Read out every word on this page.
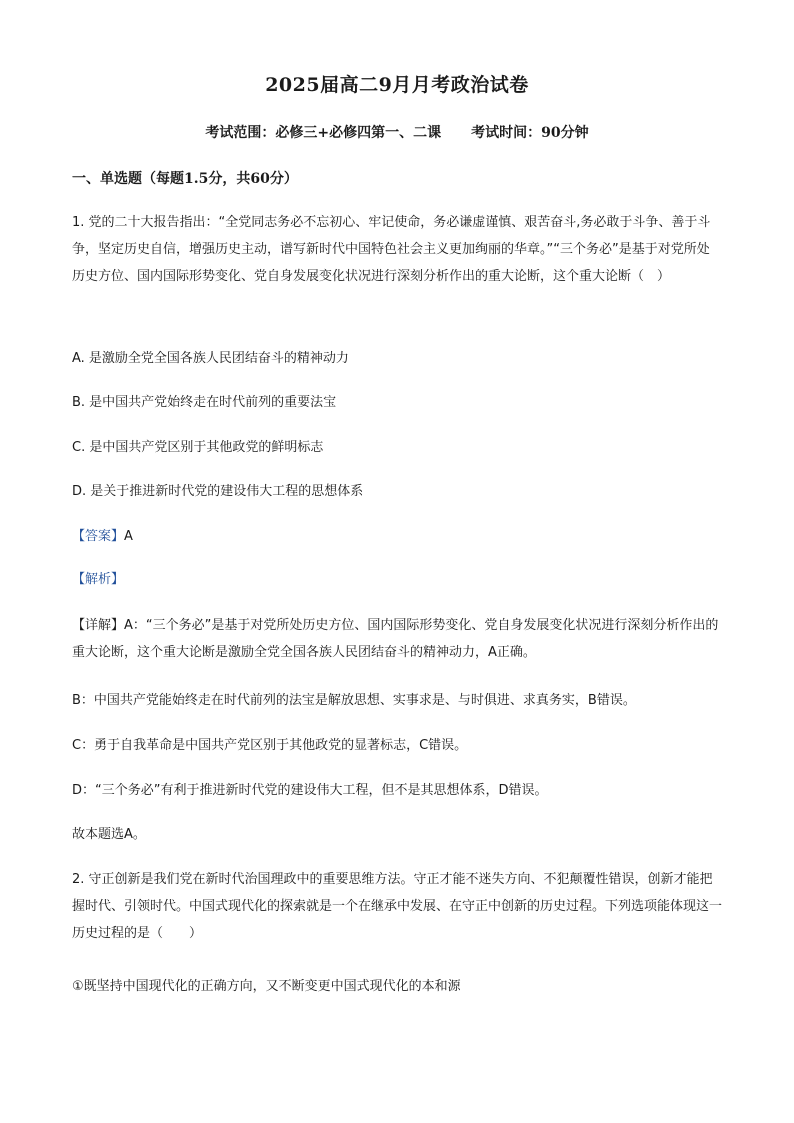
2025届高二9月月考政治试卷
考试范围：必修三+必修四第一、二课 考试时间：90分钟
一、单选题（每题1.5分，共60分）

1. 党的二十大报告指出：“全党同志务必不忘初心、牢记使命，务必谦虚谨慎、艰苦奋斗,务必敢于斗争、善于斗争，坚定历史自信，增强历史主动，谱写新时代中国特色社会主义更加绚丽的华章。”“三个务必”是基于对党所处历史方位、国内国际形势变化、党自身发展变化状况进行深刻分析作出的重大论断，这个重大论断（　）

A. 是激励全党全国各族人民团结奋斗的精神动力

B. 是中国共产党始终走在时代前列的重要法宝

C. 是中国共产党区别于其他政党的鲜明标志

D. 是关于推进新时代党的建设伟大工程的思想体系

【答案】A

【解析】

【详解】A：“三个务必”是基于对党所处历史方位、国内国际形势变化、党自身发展变化状况进行深刻分析作出的重大论断，这个重大论断是激励全党全国各族人民团结奋斗的精神动力，A正确。

B：中国共产党能始终走在时代前列的法宝是解放思想、实事求是、与时俱进、求真务实，B错误。

C：勇于自我革命是中国共产党区别于其他政党的显著标志，C错误。

D：“三个务必”有利于推进新时代党的建设伟大工程，但不是其思想体系，D错误。

故本题选A。

2. 守正创新是我们党在新时代治国理政中的重要思维方法。守正才能不迷失方向、不犯颠覆性错误，创新才能把握时代、引领时代。中国式现代化的探索就是一个在继承中发展、在守正中创新的历史过程。下列选项能体现这一历史过程的是（　　）

①既坚持中国现代化的正确方向，又不断变更中国式现代化的本和源
